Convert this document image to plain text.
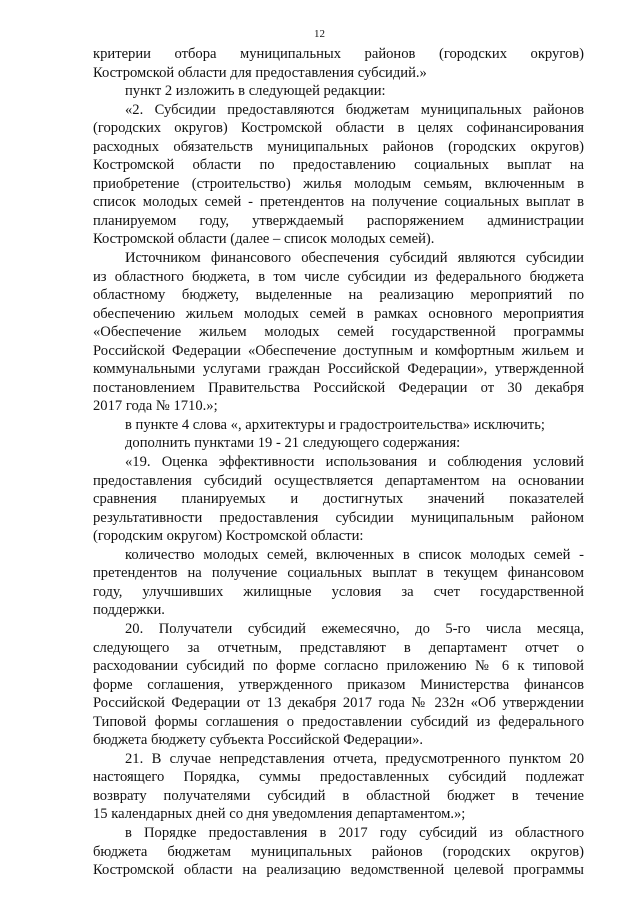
12
критерии отбора муниципальных районов (городских округов)
Костромской области для предоставления субсидий.»
пункт 2 изложить в следующей редакции:
«2. Субсидии предоставляются бюджетам муниципальных районов
(городских округов) Костромской области в целях софинансирования
расходных обязательств муниципальных районов (городских округов)
Костромской области по предоставлению социальных выплат на
приобретение (строительство) жилья молодым семьям, включенным в
список молодых семей - претендентов на получение социальных выплат в
планируемом году, утверждаемый распоряжением администрации
Костромской области (далее – список молодых семей).
Источником финансового обеспечения субсидий являются субсидии
из областного бюджета, в том числе субсидии из федерального бюджета
областному бюджету, выделенные на реализацию мероприятий по
обеспечению жильем молодых семей в рамках основного мероприятия
«Обеспечение жильем молодых семей государственной программы
Российской Федерации «Обеспечение доступным и комфортным жильем и
коммунальными услугами граждан Российской Федерации», утвержденной
постановлением Правительства Российской Федерации от 30 декабря
2017 года № 1710.»;
в пункте 4 слова «, архитектуры и градостроительства» исключить;
дополнить пунктами 19 - 21 следующего содержания:
«19. Оценка эффективности использования и соблюдения условий
предоставления субсидий осуществляется департаментом на основании
сравнения планируемых и достигнутых значений показателей
результативности предоставления субсидии муниципальным районом
(городским округом) Костромской области:
количество молодых семей, включенных в список молодых семей -
претендентов на получение социальных выплат в текущем финансовом
году, улучшивших жилищные условия за счет государственной
поддержки.
20. Получатели субсидий ежемесячно, до 5-го числа месяца,
следующего за отчетным, представляют в департамент отчет о
расходовании субсидий по форме согласно приложению № 6 к типовой
форме соглашения, утвержденного приказом Министерства финансов
Российской Федерации от 13 декабря 2017 года № 232н «Об утверждении
Типовой формы соглашения о предоставлении субсидий из федерального
бюджета бюджету субъекта Российской Федерации».
21. В случае непредставления отчета, предусмотренного пунктом 20
настоящего Порядка, суммы предоставленных субсидий подлежат
возврату получателями субсидий в областной бюджет в течение
15 календарных дней со дня уведомления департаментом.»;
в Порядке предоставления в 2017 году субсидий из областного
бюджета бюджетам муниципальных районов (городских округов)
Костромской области на реализацию ведомственной целевой программы
